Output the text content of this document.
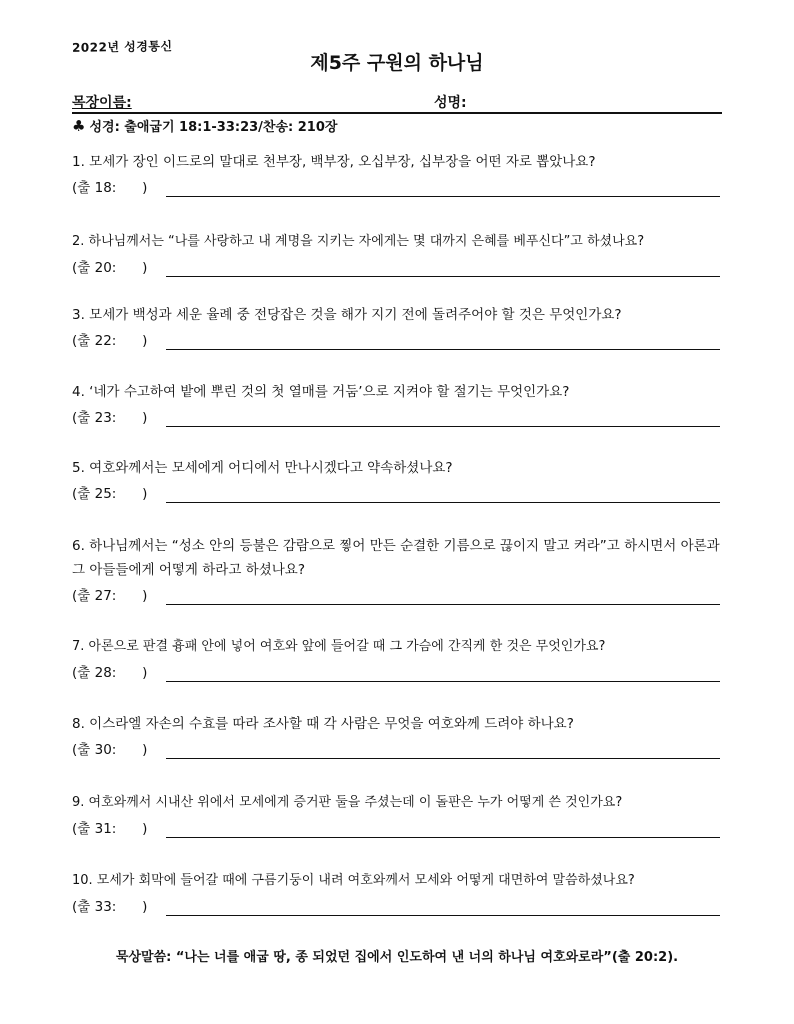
2022년 성경통신
제5주 구원의 하나님
목장이름:	성명:
♣ 성경: 출애굽기 18:1-33:23/찬송: 210장
1. 모세가 장인 이드로의 말대로 천부장, 백부장, 오십부장, 십부장을 어떤 자로 뽑았나요?
(출 18:      )
2. 하나님께서는 “나를 사랑하고 내 계명을 지키는 자에게는 몇 대까지 은혜를 베푸신다”고 하셨나요?
(출 20:      )
3. 모세가 백성과 세운 율례 중 전당잡은 것을 해가 지기 전에 돌려주어야 할 것은 무엇인가요?
(출 22:      )
4. ‘네가 수고하여 밭에 뿌린 것의 첫 열매를 거둠’으로 지켜야 할 절기는 무엇인가요?
(출 23:      )
5. 여호와께서는 모세에게 어디에서 만나시겠다고 약속하셨나요?
(출 25:      )
6. 하나님께서는 “성소 안의 등불은 감람으로 찧어 만든 순결한 기름으로 끊이지 말고 켜라”고 하시면서 아론과 그 아들들에게 어떻게 하라고 하셨나요?
(출 27:      )
7. 아론으로 판결 흉패 안에 넣어 여호와 앞에 들어갈 때 그 가슴에 간직케 한 것은 무엇인가요?
(출 28:      )
8. 이스라엘 자손의 수효를 따라 조사할 때 각 사람은 무엇을 여호와께 드려야 하나요?
(출 30:      )
9. 여호와께서 시내산 위에서 모세에게 증거판 둘을 주셨는데 이 돌판은 누가 어떻게 쓴 것인가요?
(출 31:      )
10. 모세가 회막에 들어갈 때에 구름기둥이 내려 여호와께서 모세와 어떻게 대면하여 말씀하셨나요?
(출 33:      )
묵상말씀: “나는 너를 애굽 땅, 종 되었던 집에서 인도하여 낸 너의 하나님 여호와로라”(출 20:2).
